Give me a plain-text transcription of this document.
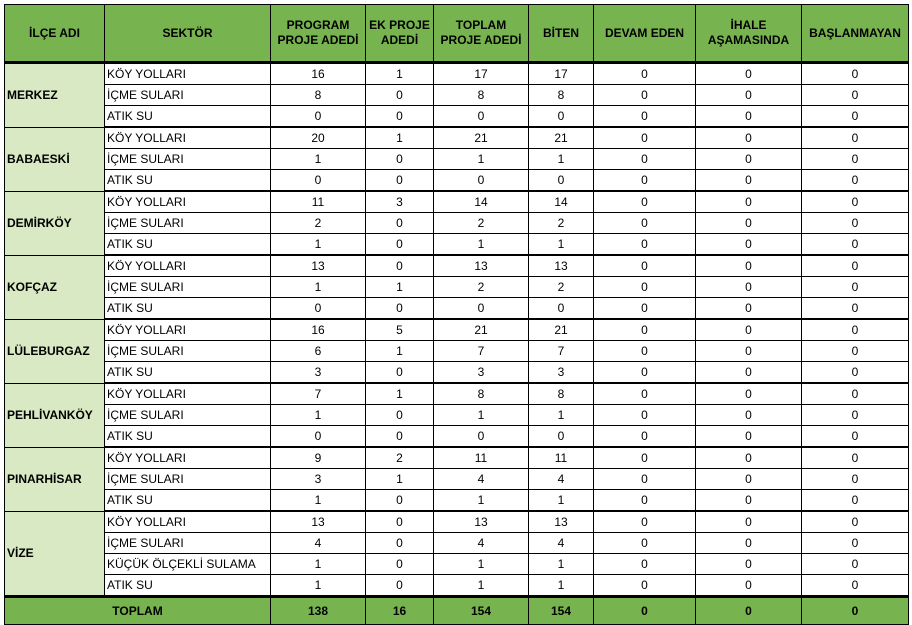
İLÇE ADI	SEKTÖR	PROGRAM PROJE ADEDİ	EK PROJE ADEDİ	TOPLAM PROJE ADEDİ	BİTEN	DEVAM EDEN	İHALE AŞAMASINDA	BAŞLANMAYAN
MERKEZ	KÖY YOLLARI	16	1	17	17	0	0	0
	İÇME SULARI	8	0	8	8	0	0	0
	ATIK SU	0	0	0	0	0	0	0
BABAESKİ	KÖY YOLLARI	20	1	21	21	0	0	0
	İÇME SULARI	1	0	1	1	0	0	0
	ATIK SU	0	0	0	0	0	0	0
DEMİRKÖY	KÖY YOLLARI	11	3	14	14	0	0	0
	İÇME SULARI	2	0	2	2	0	0	0
	ATIK SU	1	0	1	1	0	0	0
KOFÇAZ	KÖY YOLLARI	13	0	13	13	0	0	0
	İÇME SULARI	1	1	2	2	0	0	0
	ATIK SU	0	0	0	0	0	0	0
LÜLEBURGAZ	KÖY YOLLARI	16	5	21	21	0	0	0
	İÇME SULARI	6	1	7	7	0	0	0
	ATIK SU	3	0	3	3	0	0	0
PEHLİVANKÖY	KÖY YOLLARI	7	1	8	8	0	0	0
	İÇME SULARI	1	0	1	1	0	0	0
	ATIK SU	0	0	0	0	0	0	0
PINARHİSAR	KÖY YOLLARI	9	2	11	11	0	0	0
	İÇME SULARI	3	1	4	4	0	0	0
	ATIK SU	1	0	1	1	0	0	0
VİZE	KÖY YOLLARI	13	0	13	13	0	0	0
	İÇME SULARI	4	0	4	4	0	0	0
	KÜÇÜK ÖLÇEKLİ SULAMA	1	0	1	1	0	0	0
	ATIK SU	1	0	1	1	0	0	0
TOPLAM		138	16	154	154	0	0	0
